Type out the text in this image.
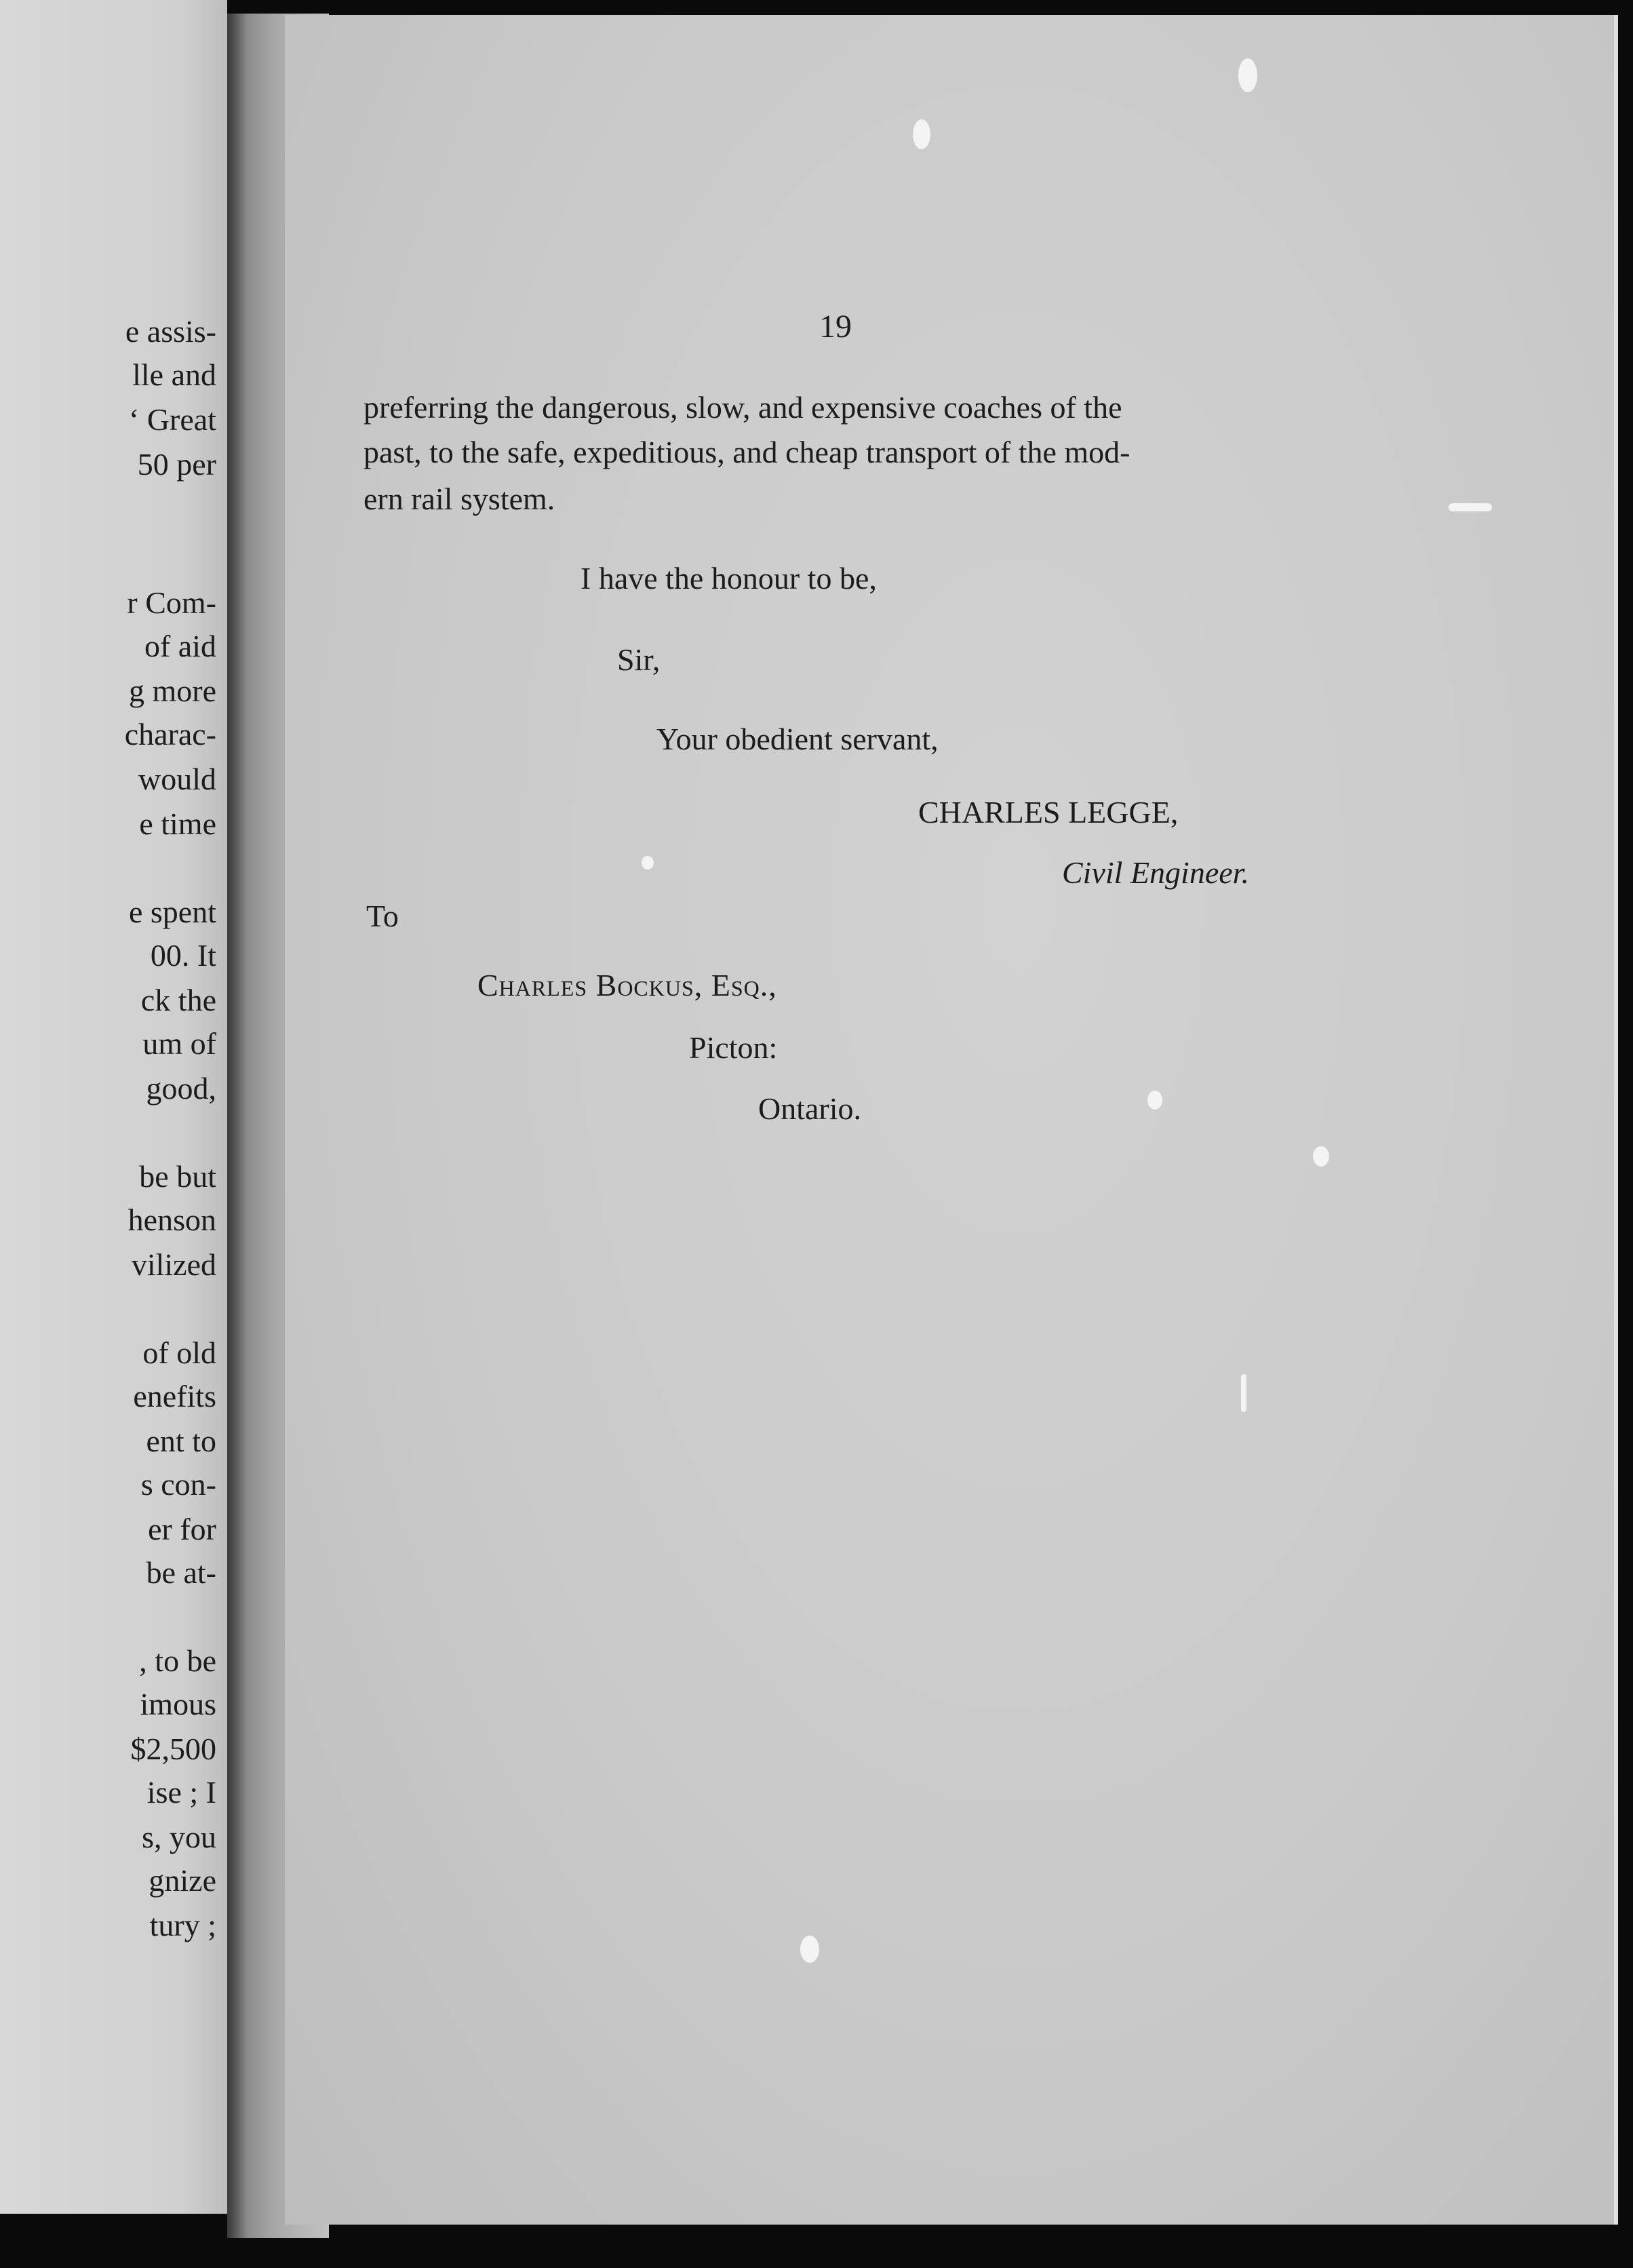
e assis-
lle and
‘ Great
50 per
r Com-
of aid
g more
charac-
would
e time
e spent
00. It
ck the
um of
good,
be but
henson
vilized
of old
enefits
ent to
s con-
er for
be at-
, to be
imous
$2,500
ise ; I
s, you
gnize
tury ;
19
preferring the dangerous, slow, and expensive coaches of the
past, to the safe, expeditious, and cheap transport of the mod-
ern rail system.
I have the honour to be,
Sir,
Your obedient servant,
CHARLES LEGGE,
Civil Engineer.
To
Charles Bockus, Esq.,
Picton:
Ontario.
